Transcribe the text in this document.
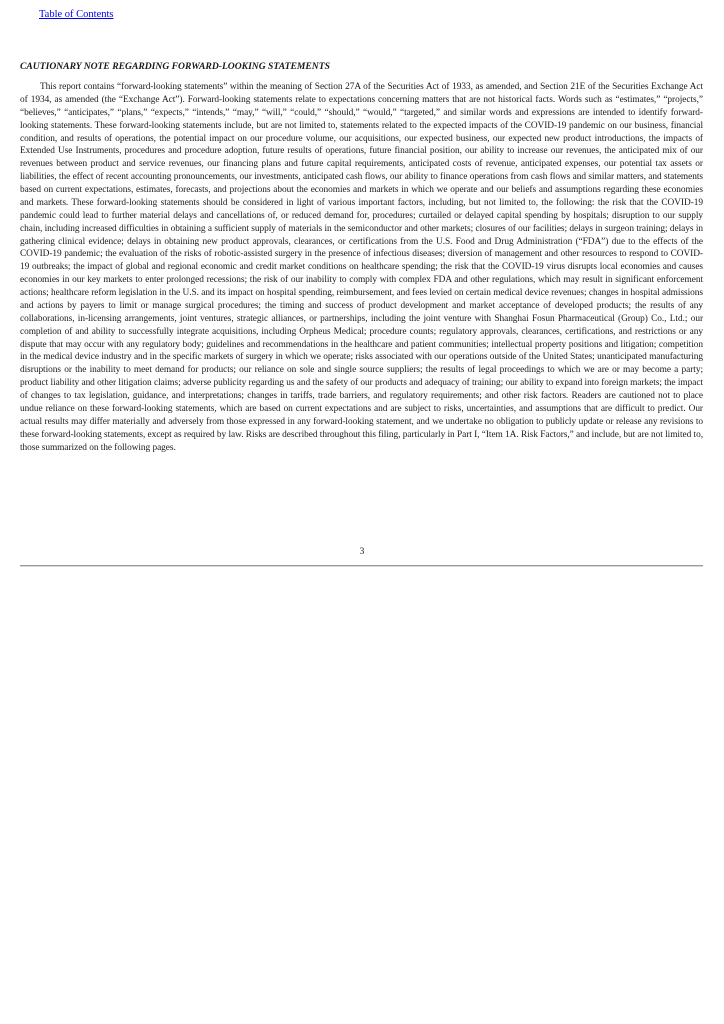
Table of Contents

CAUTIONARY NOTE REGARDING FORWARD-LOOKING STATEMENTS

This report contains “forward-looking statements” within the meaning of Section 27A of the Securities Act of 1933, as amended, and Section 21E of the Securities Exchange Act of 1934, as amended (the “Exchange Act”). Forward-looking statements relate to expectations concerning matters that are not historical facts. Words such as “estimates,” “projects,” “believes,” “anticipates,” “plans,” “expects,” “intends,” “may,” “will,” “could,” “should,” “would,” “targeted,” and similar words and expressions are intended to identify forward-looking statements. These forward-looking statements include, but are not limited to, statements related to the expected impacts of the COVID-19 pandemic on our business, financial condition, and results of operations, the potential impact on our procedure volume, our acquisitions, our expected business, our expected new product introductions, the impacts of Extended Use Instruments, procedures and procedure adoption, future results of operations, future financial position, our ability to increase our revenues, the anticipated mix of our revenues between product and service revenues, our financing plans and future capital requirements, anticipated costs of revenue, anticipated expenses, our potential tax assets or liabilities, the effect of recent accounting pronouncements, our investments, anticipated cash flows, our ability to finance operations from cash flows and similar matters, and statements based on current expectations, estimates, forecasts, and projections about the economies and markets in which we operate and our beliefs and assumptions regarding these economies and markets. These forward-looking statements should be considered in light of various important factors, including, but not limited to, the following: the risk that the COVID-19 pandemic could lead to further material delays and cancellations of, or reduced demand for, procedures; curtailed or delayed capital spending by hospitals; disruption to our supply chain, including increased difficulties in obtaining a sufficient supply of materials in the semiconductor and other markets; closures of our facilities; delays in surgeon training; delays in gathering clinical evidence; delays in obtaining new product approvals, clearances, or certifications from the U.S. Food and Drug Administration (“FDA”) due to the effects of the COVID-19 pandemic; the evaluation of the risks of robotic-assisted surgery in the presence of infectious diseases; diversion of management and other resources to respond to COVID-19 outbreaks; the impact of global and regional economic and credit market conditions on healthcare spending; the risk that the COVID-19 virus disrupts local economies and causes economies in our key markets to enter prolonged recessions; the risk of our inability to comply with complex FDA and other regulations, which may result in significant enforcement actions; healthcare reform legislation in the U.S. and its impact on hospital spending, reimbursement, and fees levied on certain medical device revenues; changes in hospital admissions and actions by payers to limit or manage surgical procedures; the timing and success of product development and market acceptance of developed products; the results of any collaborations, in-licensing arrangements, joint ventures, strategic alliances, or partnerships, including the joint venture with Shanghai Fosun Pharmaceutical (Group) Co., Ltd.; our completion of and ability to successfully integrate acquisitions, including Orpheus Medical; procedure counts; regulatory approvals, clearances, certifications, and restrictions or any dispute that may occur with any regulatory body; guidelines and recommendations in the healthcare and patient communities; intellectual property positions and litigation; competition in the medical device industry and in the specific markets of surgery in which we operate; risks associated with our operations outside of the United States; unanticipated manufacturing disruptions or the inability to meet demand for products; our reliance on sole and single source suppliers; the results of legal proceedings to which we are or may become a party; product liability and other litigation claims; adverse publicity regarding us and the safety of our products and adequacy of training; our ability to expand into foreign markets; the impact of changes to tax legislation, guidance, and interpretations; changes in tariffs, trade barriers, and regulatory requirements; and other risk factors. Readers are cautioned not to place undue reliance on these forward-looking statements, which are based on current expectations and are subject to risks, uncertainties, and assumptions that are difficult to predict. Our actual results may differ materially and adversely from those expressed in any forward-looking statement, and we undertake no obligation to publicly update or release any revisions to these forward-looking statements, except as required by law. Risks are described throughout this filing, particularly in Part I, “Item 1A. Risk Factors,” and include, but are not limited to, those summarized on the following pages.

3
